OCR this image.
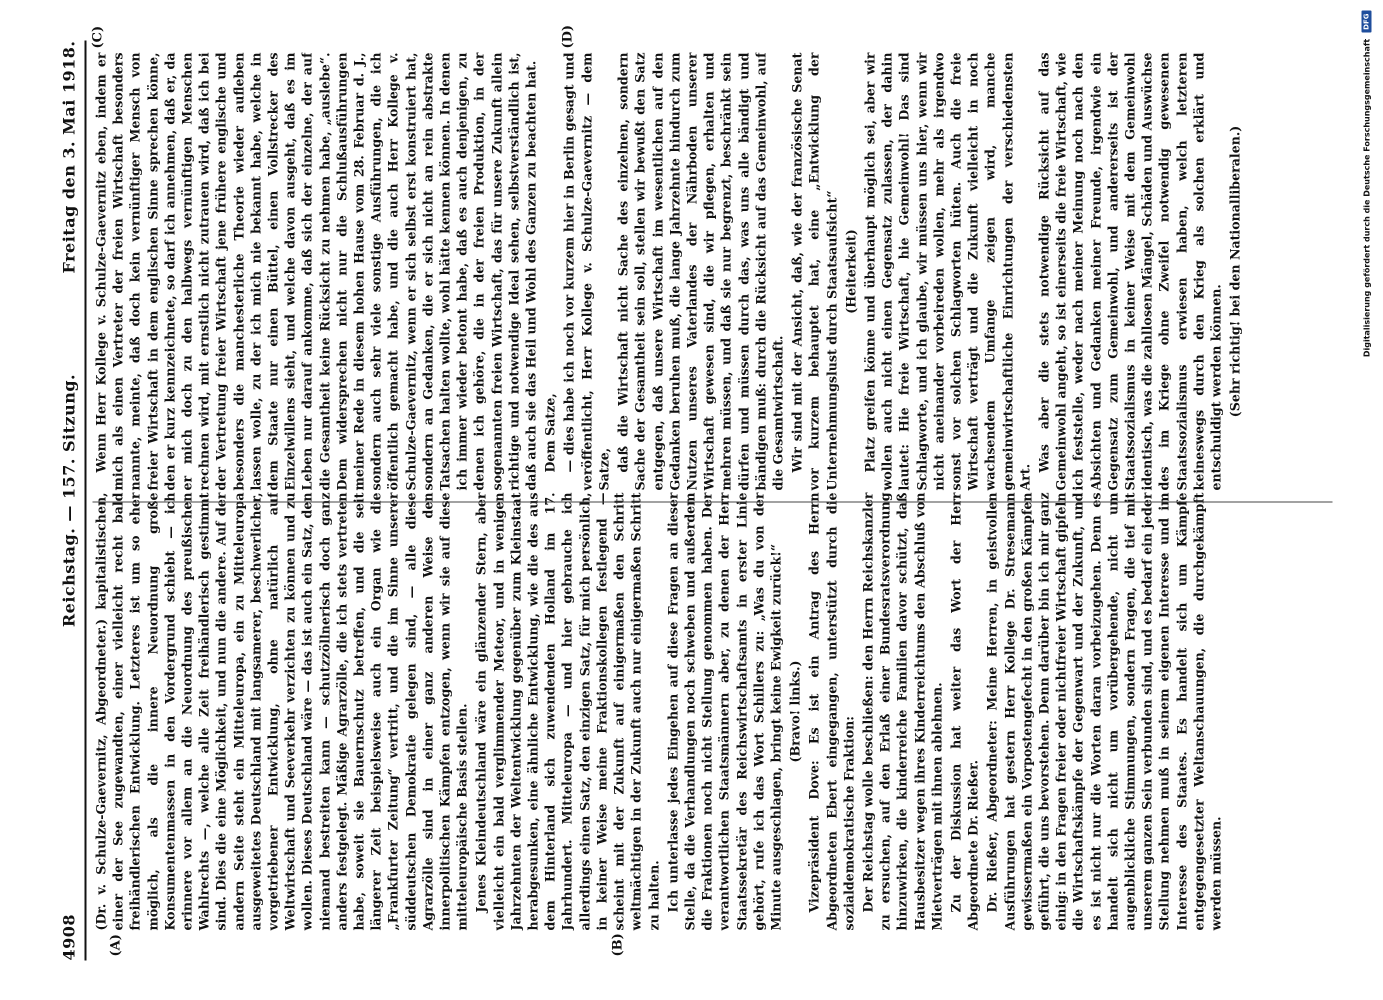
4908
Reichstag. — 157. Sitzung.
Freitag den 3. Mai 1918.
(A)	(B)
(C)	(D)

(Dr. v. Schulze-Gaevernitz, Abgeordneter.) kapitalistischen, einer der See zugewandten, einer vielleicht recht bald freihändlerischen Entwicklung. Letzteres ist um so eher möglich, als die innere Neuordnung große Konsumentenmassen in den Vordergrund schiebt — ich erinnere vor allem an die Neuordnung des preußischen Wahlrechts —, welche alle Zeit freihändlerisch gestimmt sind. Dies die eine Möglichkeit, und nun die andere. Auf der andern Seite steht ein Mitteleuropa, ein zu Mitteleuropa ausgeweitetes Deutschland mit langsamerer, beschwerlicher, vorgetriebener Entwicklung, ohne natürlich auf Weltwirtschaft und Seeverkehr verzichten zu können und zu wollen. Dieses Deutschland wäre — das ist auch ein Satz, den niemand bestreiten kann — schutzzöllnerisch doch ganz anders festgelegt. Mäßige Agrarzölle, die ich stets vertreten habe, soweit sie Bauernschutz betreffen, und die seit längerer Zeit beispielsweise auch ein Organ wie die „Frankfurter Zeitung“ vertritt, und die im Sinne unserer süddeutschen Demokratie gelegen sind, — alle diese Agrarzölle sind in einer ganz anderen Weise den innerpolitischen Kämpfen entzogen, wenn wir sie auf diese mitteleuropäische Basis stellen. Jenes Kleindeutschland wäre ein glänzender Stern, aber vielleicht ein bald verglimmender Meteor, und in wenigen Jahrzehnten der Weltentwicklung gegenüber zum Kleinstaat herabgesunken, eine ähnliche Entwicklung, wie die des aus dem Hinterland sich zuwendenden Holland im 17. Jahrhundert. Mitteleuropa — und hier gebrauche ich allerdings einen Satz, den einzigen Satz, für mich persönlich, in keiner Weise meine Fraktionskollegen festlegend — scheint mit der Zukunft auf einigermaßen den Schritt weltmächtigen in der Zukunft auch nur einigermaßen Schritt zu halten. Ich unterlasse jedes Eingehen auf diese Fragen an dieser Stelle, da die Verhandlungen noch schweben und außerdem die Fraktionen noch nicht Stellung genommen haben. Der verantwortlichen Staatsmännern aber, zu denen der Herr Staatssekretär des Reichswirtschaftsamts in erster Linie gehört, rufe ich das Wort Schillers zu: „Was du von der Minute ausgeschlagen, bringt keine Ewigkeit zurück!“ (Bravo! links.) Vizepräsident Dove: Es ist ein Antrag des Herrn Abgeordneten Ebert eingegangen, unterstützt durch die sozialdemokratische Fraktion: Der Reichstag wolle beschließen: den Herrn Reichskanzler zu ersuchen, auf den Erlaß einer Bundesratsverordnung hinzuwirken, die kinderreiche Familien davor schützt, daß Hausbesitzer wegen ihres Kinderreichtums den Abschluß von Mietverträgen mit ihnen ablehnen. Zu der Diskussion hat weiter das Wort der Herr Abgeordnete Dr. Rießer. Dr. Rießer, Abgeordneter: Meine Herren, in geistvollen Ausführungen hat gestern Herr Kollege Dr. Stresemann gewissermaßen ein Vorpostengefecht in den großen Kämpfen geführt, die uns bevorstehen. Denn darüber bin ich mir ganz einig: in den Fragen freier oder nichtfreier Wirtschaft gipfeln die Wirtschaftskämpfe der Gegenwart und der Zukunft, und es ist nicht nur die Worten daran vorbeizugehen. Denn es handelt sich nicht um vorübergehende, nicht um augenblickliche Stimmungen, sondern Fragen, die tief mit unserem ganzen Sein verbunden sind, und es bedarf ein jeder Stellung nehmen muß in seinem eigenen Interesse und im Interesse des Staates. Es handelt sich um Kämpfe entgegengesetzter Weltanschauungen, die durchgekämpft werden müssen.

Wenn Herr Kollege v. Schulze-Gaevernitz eben, indem er mich als einen Vertreter der freien Wirtschaft besonders nannte, meinte, daß doch kein vernünftiger Mensch von freier Wirtschaft in dem englischen Sinne sprechen könne, den er kurz kennzeichnete, so darf ich annehmen, daß er, da er mich doch zu den halbwegs vernünftigen Menschen rechnen wird, mit ernstlich nicht zutrauen wird, daß ich bei der Vertretung freier Wirtschaft jene frühere englische und besonders die manchesterliche Theorie wieder aufleben lassen wolle, zu der ich mich nie bekannt habe, welche in dem Staate nur einen Büttel, einen Vollstrecker des Einzelwillens sieht, und welche davon ausgeht, daß es im Leben nur darauf ankomme, daß sich der einzelne, der auf die Gesamtheit keine Rücksicht zu nehmen habe, „auslebe“. Dem widersprechen nicht nur die Schlußausführungen meiner Rede in diesem hohen Hause vom 28. Februar d. J., sondern auch sehr viele sonstige Ausführungen, die ich öffentlich gemacht habe, und die auch Herr Kollege v. Schulze-Gaevernitz, wenn er sich selbst erst konstruiert hat, sondern an Gedanken, die er sich nicht an rein abstrakte Tatsachen halten wollte, wohl hätte kennen können. In denen ich immer wieder betont habe, daß es auch denjenigen, zu denen ich gehöre, die in der freien Produktion, in der sogenannten freien Wirtschaft, das für unsere Zukunft allein richtige und notwendige Ideal sehen, selbstverständlich ist, daß auch sie das Heil und Wohl des Ganzen zu beachten hat. Dem Satze, — dies habe ich noch vor kurzem hier in Berlin gesagt und veröffentlicht, Herr Kollege v. Schulze-Gaevernitz — dem Satze, daß die Wirtschaft nicht Sache des einzelnen, sondern Sache der Gesamtheit sein soll, stellen wir bewußt den Satz entgegen, daß unsere Wirtschaft im wesentlichen auf den Gedanken beruhen muß, die lange Jahrzehnte hindurch zum Nutzen unseres Vaterlandes der Nährboden unserer Wirtschaft gewesen sind, die wir pflegen, erhalten und mehren müssen, und daß sie nur begrenzt, beschränkt sein dürfen und müssen durch das, was uns alle bändigt und bändigen muß: durch die Rücksicht auf das Gemeinwohl, auf die Gesamtwirtschaft. Wir sind mit der Ansicht, daß, wie der französische Senat vor kurzem behauptet hat, eine „Entwicklung der Unternehmungslust durch Staatsaufsicht“ (Heiterkeit) Platz greifen könne und überhaupt möglich sei, aber wir wollen auch nicht einen Gegensatz zulassen, der dahin lautet: Hie freie Wirtschaft, hie Gemeinwohl! Das sind Schlagworte, und ich glaube, wir müssen uns hier, wenn wir nicht aneinander vorbeireden wollen, mehr als irgendwo sonst vor solchen Schlagworten hüten. Auch die freie Wirtschaft verträgt und die Zukunft vielleicht in noch wachsendem Umfange zeigen wird, manche gemeinwirtschaftliche Einrichtungen der verschiedensten Art.

Was aber die stets notwendige Rücksicht auf das Gemeinwohl angeht, so ist einerseits die freie Wirtschaft, wie ich feststelle, weder nach meiner Meinung noch nach den Absichten und Gedanken meiner Freunde, irgendwie ein Gegensatz zum Gemeinwohl, und andererseits ist der Staatssozialismus in keiner Weise mit dem Gemeinwohl identisch, was die zahllosen Mängel, Schäden und Auswüchse des im Kriege ohne Zweifel notwendig gewesenen Staatssozialismus erwiesen haben, welch letzteren keineswegs durch den Krieg als solchen erklärt und entschuldigt werden können. (Sehr richtig! bei den Nationalliberalen.)	Digitalisierung gefördert durch die Deutsche Forschungsgemeinschaft
DFG
